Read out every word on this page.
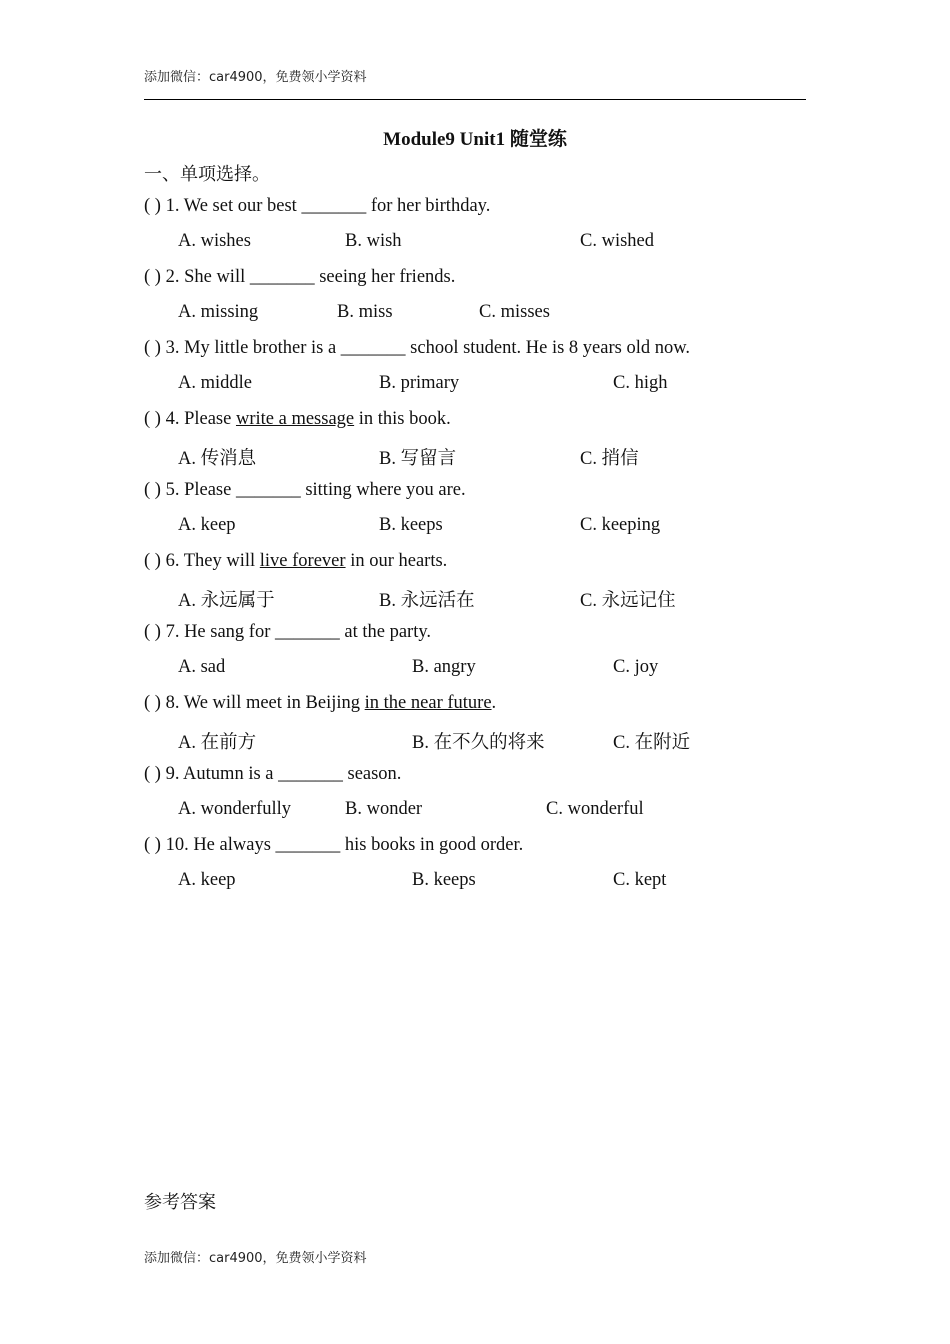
添加微信：car4900，免费领小学资料
Module9 Unit1 随堂练
一、单项选择。
( ) 1. We set our best _______ for her birthday.
A. wishes	B. wish	C. wished
( ) 2. She will _______ seeing her friends.
A. missing	B. miss	C. misses
( ) 3. My little brother is a _______ school student. He is 8 years old now.
A. middle	B. primary	C. high
( ) 4. Please write a message in this book.
A. 传消息	B. 写留言	C. 捎信
( ) 5. Please _______ sitting where you are.
A. keep	B. keeps	C. keeping
( ) 6. They will live forever in our hearts.
A. 永远属于	B. 永远活在	C. 永远记住
( ) 7. He sang for _______ at the party.
A. sad	B. angry	C. joy
( ) 8. We will meet in Beijing in the near future.
A. 在前方	B. 在不久的将来	C. 在附近
( ) 9. Autumn is a _______ season.
A. wonderfully	B. wonder	C. wonderful
( ) 10. He always _______ his books in good order.
A. keep	B. keeps	C. kept
参考答案
添加微信：car4900，免费领小学资料
